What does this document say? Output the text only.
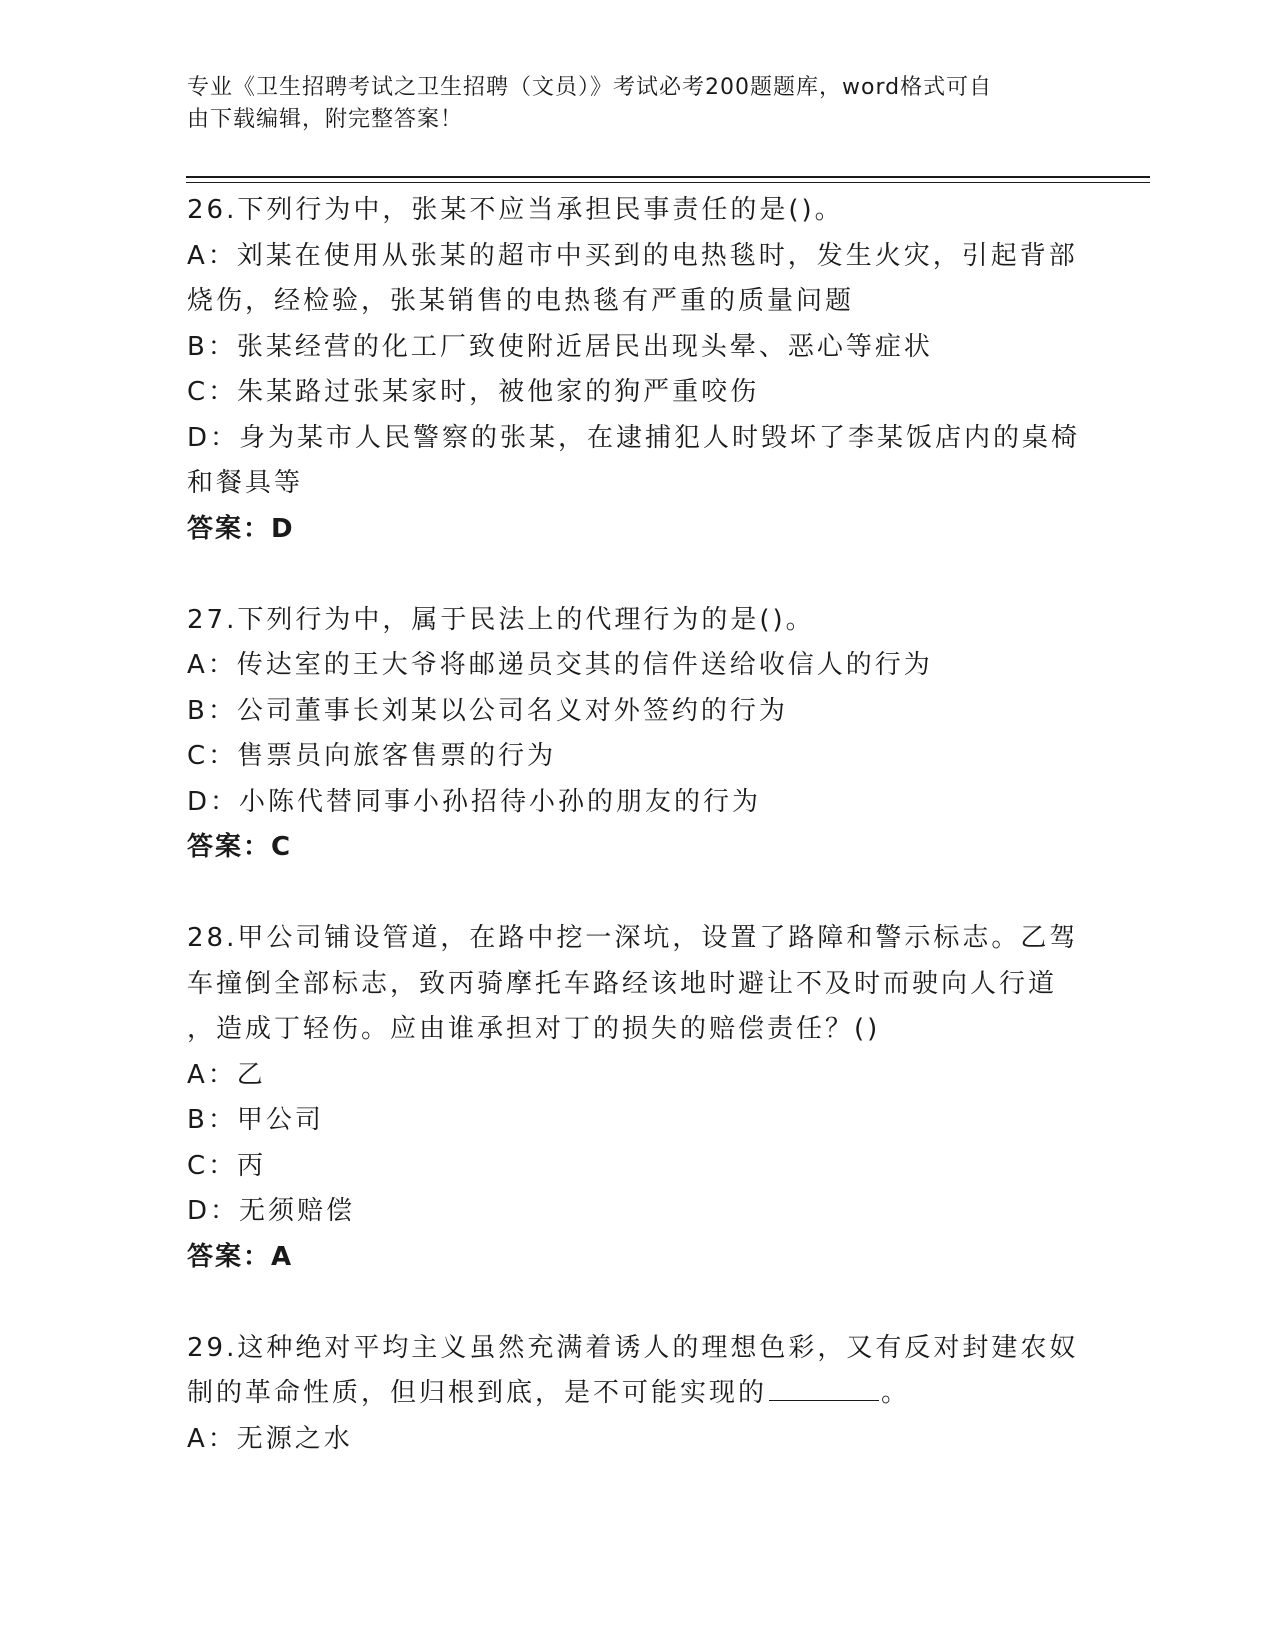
专业《卫生招聘考试之卫生招聘（文员）》考试必考200题题库，word格式可自
由下载编辑，附完整答案！
26.下列行为中，张某不应当承担民事责任的是()。
A：刘某在使用从张某的超市中买到的电热毯时，发生火灾，引起背部
烧伤，经检验，张某销售的电热毯有严重的质量问题
B：张某经营的化工厂致使附近居民出现头晕、恶心等症状
C：朱某路过张某家时，被他家的狗严重咬伤
D：身为某市人民警察的张某，在逮捕犯人时毁坏了李某饭店内的桌椅
和餐具等
答案：D
27.下列行为中，属于民法上的代理行为的是()。
A：传达室的王大爷将邮递员交其的信件送给收信人的行为
B：公司董事长刘某以公司名义对外签约的行为
C：售票员向旅客售票的行为
D：小陈代替同事小孙招待小孙的朋友的行为
答案：C
28.甲公司铺设管道，在路中挖一深坑，设置了路障和警示标志。乙驾
车撞倒全部标志，致丙骑摩托车路经该地时避让不及时而驶向人行道
，造成丁轻伤。应由谁承担对丁的损失的赔偿责任？()
A：乙
B：甲公司
C：丙
D：无须赔偿
答案：A
29.这种绝对平均主义虽然充满着诱人的理想色彩，又有反对封建农奴
制的革命性质，但归根到底，是不可能实现的	。
A：无源之水
